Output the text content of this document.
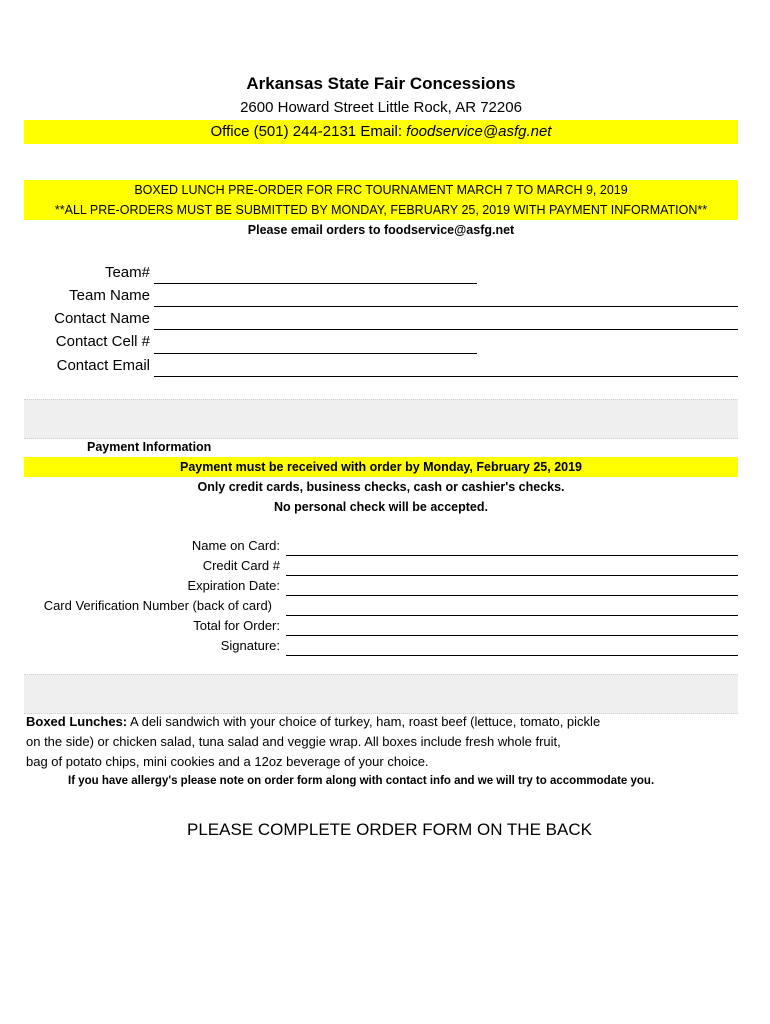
Arkansas State Fair Concessions
2600 Howard Street Little Rock, AR 72206
Office (501) 244-2131 Email: foodservice@asfg.net
BOXED LUNCH PRE-ORDER FOR FRC TOURNAMENT MARCH 7 TO MARCH 9, 2019
**ALL PRE-ORDERS MUST BE SUBMITTED BY MONDAY, FEBRUARY 25, 2019 WITH PAYMENT INFORMATION**
Please email orders to foodservice@asfg.net
Team#
Team Name
Contact Name
Contact Cell #
Contact Email
Payment Information
Payment must be received with order by Monday, February 25, 2019
Only credit cards, business checks, cash or cashier's checks.
No personal check will be accepted.
Name on Card:
Credit Card #
Expiration Date:
Card Verification Number (back of card)
Total for Order:
Signature:
Boxed Lunches: A deli sandwich with your choice of turkey, ham, roast beef (lettuce, tomato, pickle
on the side) or chicken salad, tuna salad and veggie wrap. All boxes include fresh whole fruit,
bag of potato chips, mini cookies and a 12oz beverage of your choice.
If you have allergy's please note on order form along with contact info and we will try to accommodate you.
PLEASE COMPLETE ORDER FORM ON THE BACK
